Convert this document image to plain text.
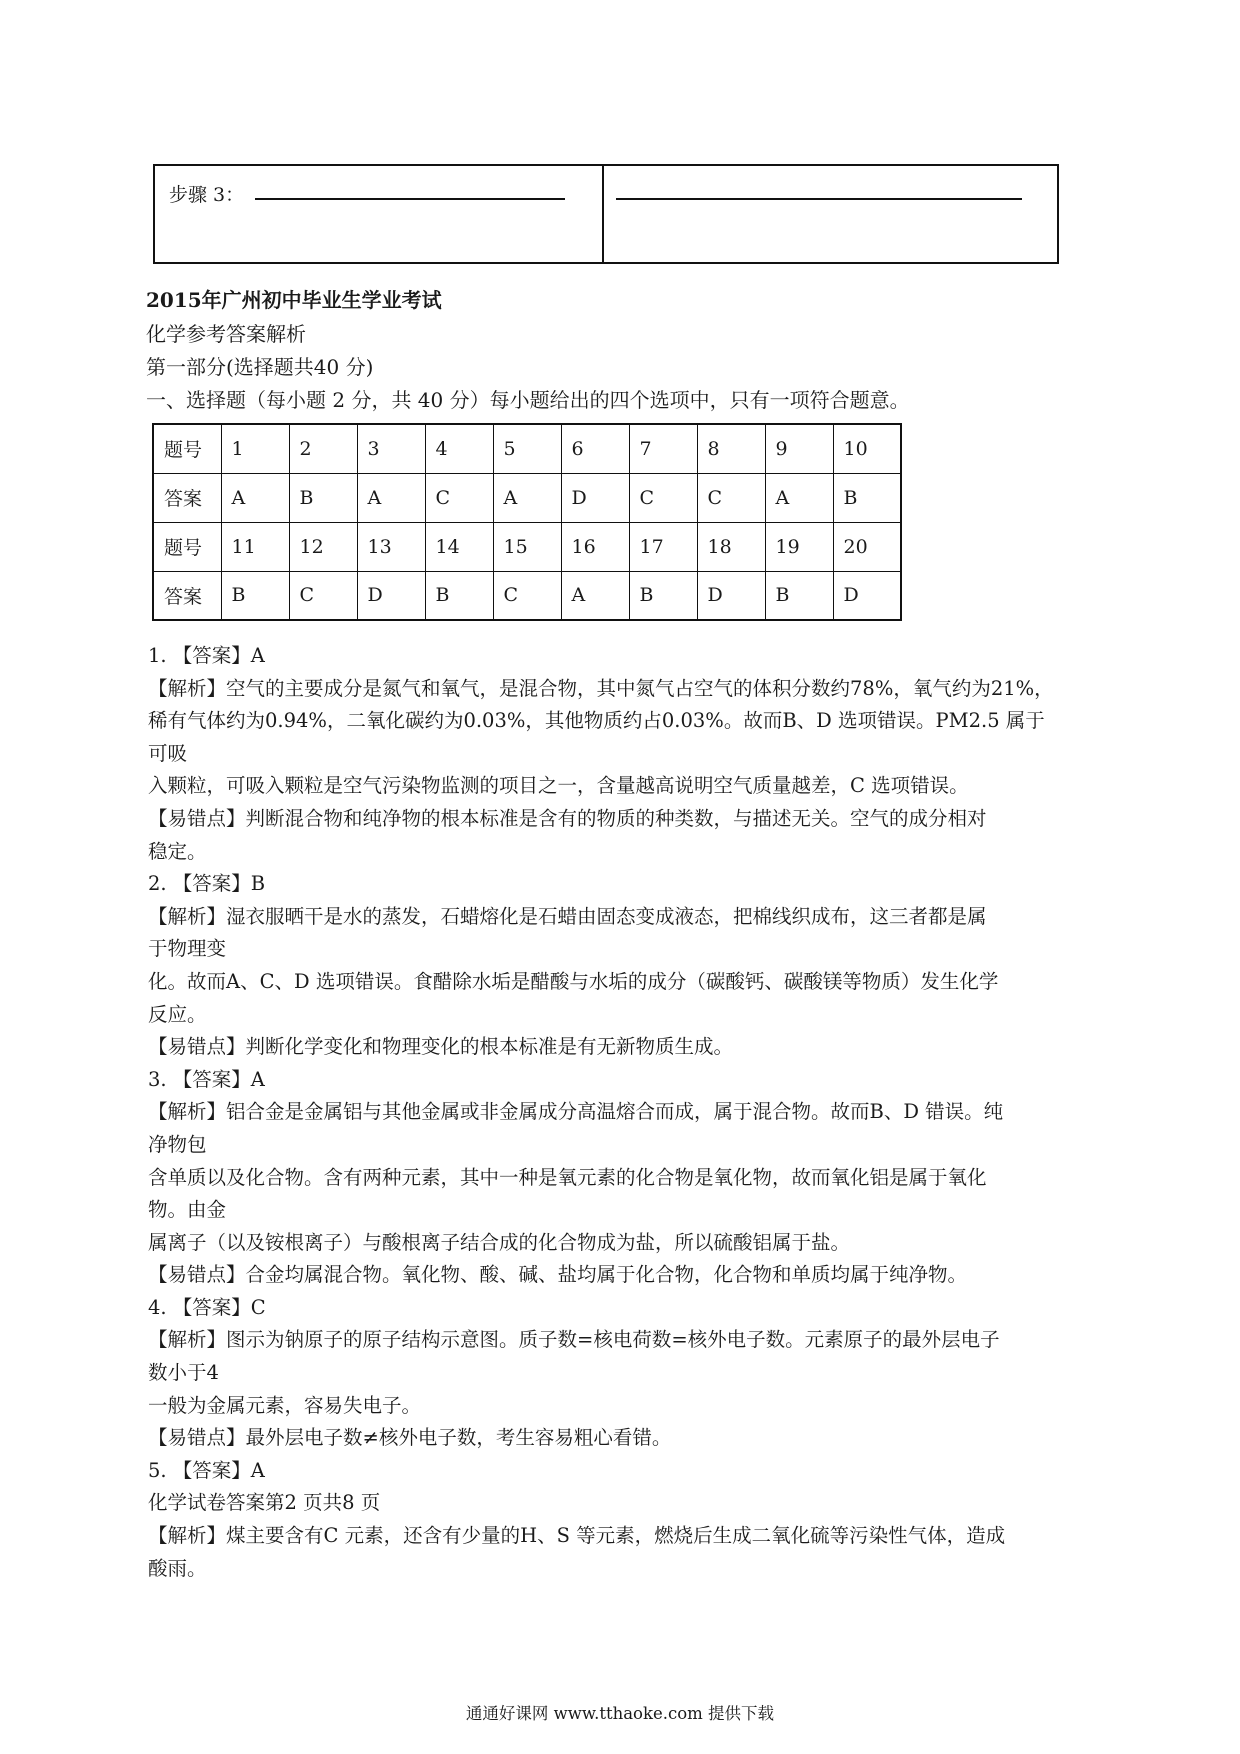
步骤 3：

2015年广州初中毕业生学业考试
化学参考答案解析
第一部分(选择题共40 分)
一、选择题（每小题 2 分，共 40 分）每小题给出的四个选项中，只有一项符合题意。
题号	1	2	3	4	5	6	7	8	9	10
答案	A	B	A	C	A	D	C	C	A	B
题号	11	12	13	14	15	16	17	18	19	20
答案	B	C	D	B	C	A	B	D	B	D

1. 【答案】A

【解析】空气的主要成分是氮气和氧气，是混合物，其中氮气占空气的体积分数约78%，氧气约为21%，

稀有气体约为0.94%，二氧化碳约为0.03%，其他物质约占0.03%。故而B、D 选项错误。PM2.5 属于

可吸

入颗粒，可吸入颗粒是空气污染物监测的项目之一，含量越高说明空气质量越差，C 选项错误。

【易错点】判断混合物和纯净物的根本标准是含有的物质的种类数，与描述无关。空气的成分相对

稳定。

2. 【答案】B

【解析】湿衣服晒干是水的蒸发，石蜡熔化是石蜡由固态变成液态，把棉线织成布，这三者都是属

于物理变

化。故而A、C、D 选项错误。食醋除水垢是醋酸与水垢的成分（碳酸钙、碳酸镁等物质）发生化学

反应。

【易错点】判断化学变化和物理变化的根本标准是有无新物质生成。

3. 【答案】A

【解析】铝合金是金属铝与其他金属或非金属成分高温熔合而成，属于混合物。故而B、D 错误。纯

净物包

含单质以及化合物。含有两种元素，其中一种是氧元素的化合物是氧化物，故而氧化铝是属于氧化

物。由金

属离子（以及铵根离子）与酸根离子结合成的化合物成为盐，所以硫酸铝属于盐。

【易错点】合金均属混合物。氧化物、酸、碱、盐均属于化合物，化合物和单质均属于纯净物。

4. 【答案】C

【解析】图示为钠原子的原子结构示意图。质子数=核电荷数=核外电子数。元素原子的最外层电子

数小于4

一般为金属元素，容易失电子。

【易错点】最外层电子数≠核外电子数，考生容易粗心看错。

5. 【答案】A

化学试卷答案第2 页共8 页

【解析】煤主要含有C 元素，还含有少量的H、S 等元素，燃烧后生成二氧化硫等污染性气体，造成

酸雨。

通通好课网 www.tthaoke.com 提供下载
